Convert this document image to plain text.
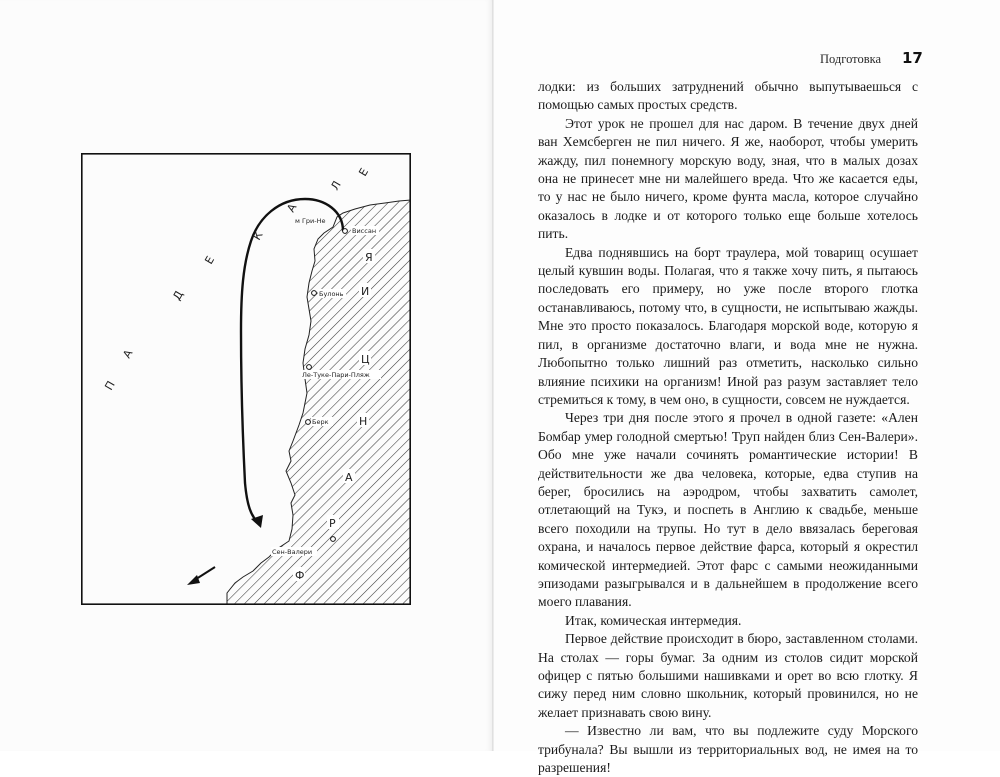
Виссан
м Гри-Не
Булонь
Ле-Туке-Пари-Пляж
Берк
Сен-Валери
П
А
Д
Е
К
А
Л
Е
Ф
Р
А
Н
Ц
И
Я
Подготовка 17

лодки: из больших затруднений обычно выпутываешься с помощью самых простых средств.

Этот урок не прошел для нас даром. В течение двух дней ван Хемсберген не пил ничего. Я же, наоборот, чтобы умерить жажду, пил понемногу морскую воду, зная, что в малых дозах она не принесет мне ни малейшего вреда. Что же касается еды, то у нас не было ничего, кроме фунта масла, которое случайно оказалось в лодке и от которого только еще больше хотелось пить.

Едва поднявшись на борт траулера, мой товарищ осушает целый кувшин воды. Полагая, что я также хочу пить, я пытаюсь последовать его примеру, но уже после второго глотка останавливаюсь, потому что, в сущности, не испытываю жажды. Мне это просто показалось. Благодаря морской воде, которую я пил, в организме достаточно влаги, и вода мне не нужна. Любопытно только лишний раз отметить, насколько сильно влияние психики на организм! Иной раз разум заставляет тело стремиться к тому, в чем оно, в сущности, совсем не нуждается.

Через три дня после этого я прочел в одной газете: «Ален Бомбар умер голодной смертью! Труп найден близ Сен-Валери». Обо мне уже начали сочинять романтические истории! В действительности же два человека, которые, едва ступив на берег, бросились на аэродром, чтобы захватить самолет, отлетающий на Тукэ, и поспеть в Англию к свадьбе, меньше всего походили на трупы. Но тут в дело ввязалась береговая охрана, и началось первое действие фарса, который я окрестил комической интермедией. Этот фарс с самыми неожиданными эпизодами разыгрывался и в дальнейшем в продолжение всего моего плавания.

Итак, комическая интермедия.

Первое действие происходит в бюро, заставленном столами. На столах — горы бумаг. За одним из столов сидит морской офицер с пятью большими нашивками и орет во всю глотку. Я сижу перед ним словно школьник, который провинился, но не желает признавать свою вину.

— Известно ли вам, что вы подлежите суду Морского трибунала? Вы вышли из территориальных вод, не имея на то разрешения!
